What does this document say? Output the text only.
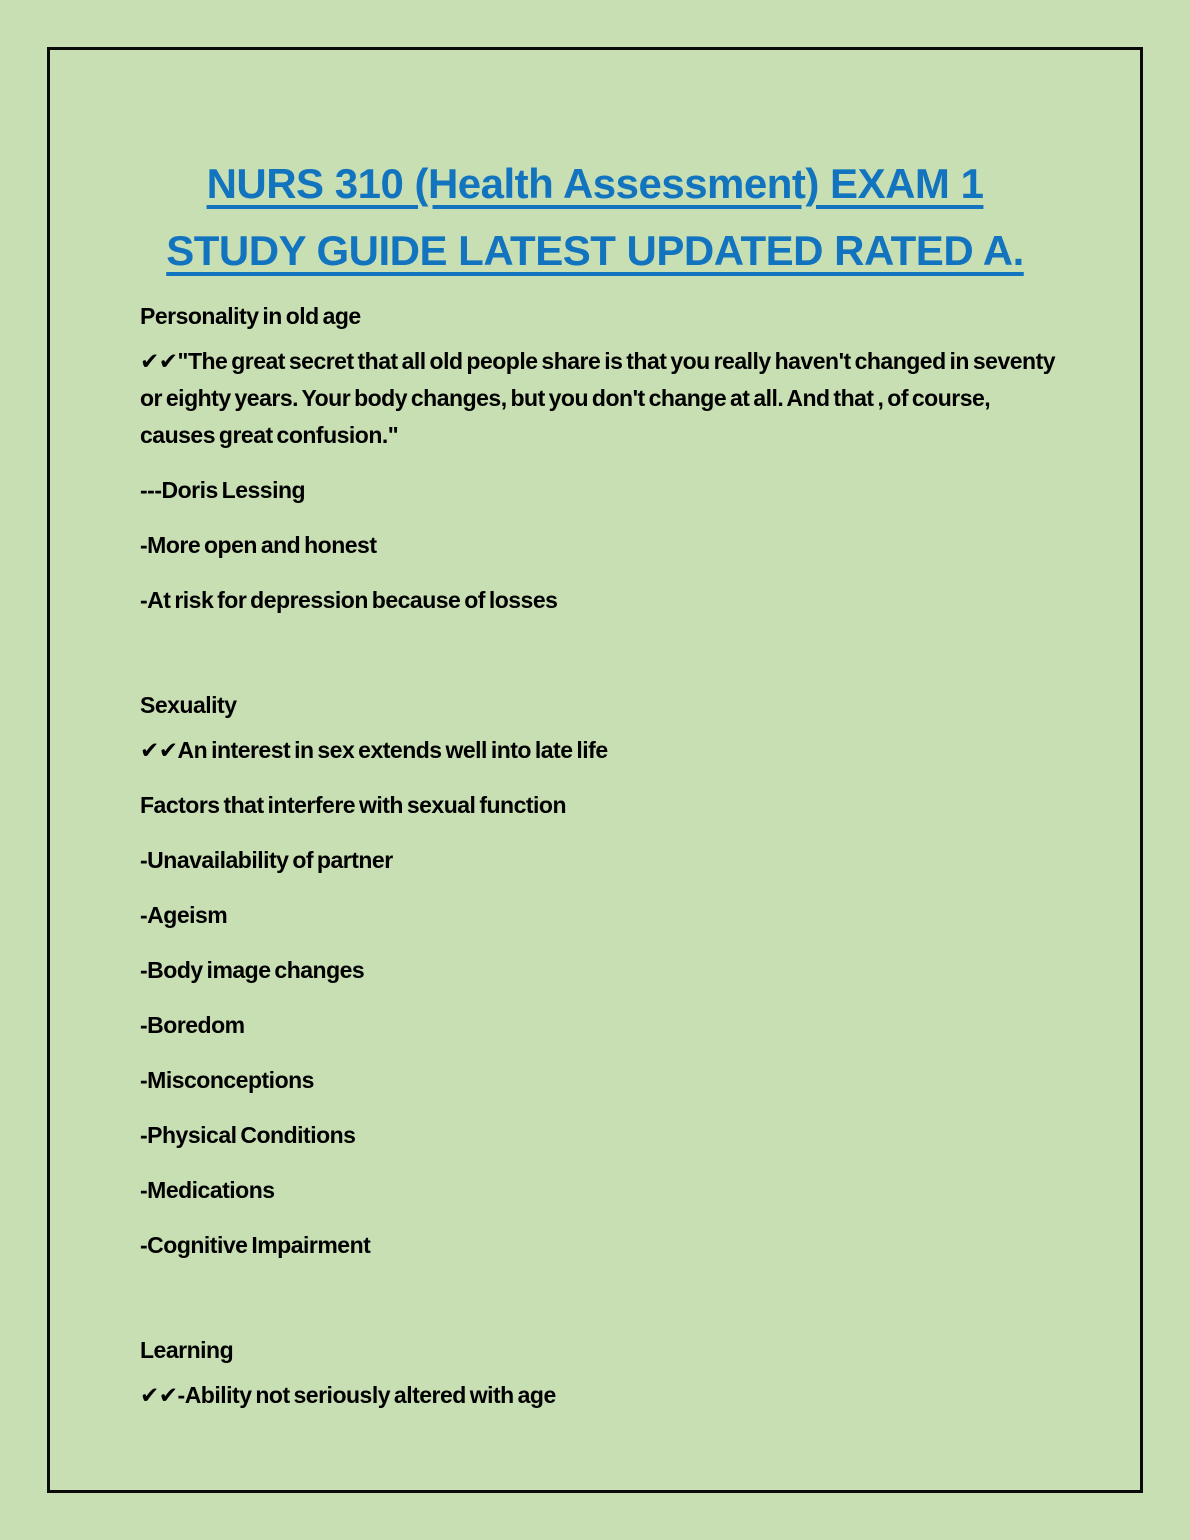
NURS 310 (Health Assessment) EXAM 1
STUDY GUIDE LATEST UPDATED RATED A.
Personality in old age
✔✔"The great secret that all old people share is that you really haven't changed in seventy or eighty years. Your body changes, but you don't change at all. And that , of course, causes great confusion."
---Doris Lessing
-More open and honest
-At risk for depression because of losses
Sexuality
✔✔An interest in sex extends well into late life
Factors that interfere with sexual function
-Unavailability of partner
-Ageism
-Body image changes
-Boredom
-Misconceptions
-Physical Conditions
-Medications
-Cognitive Impairment
Learning
✔✔-Ability not seriously altered with age
